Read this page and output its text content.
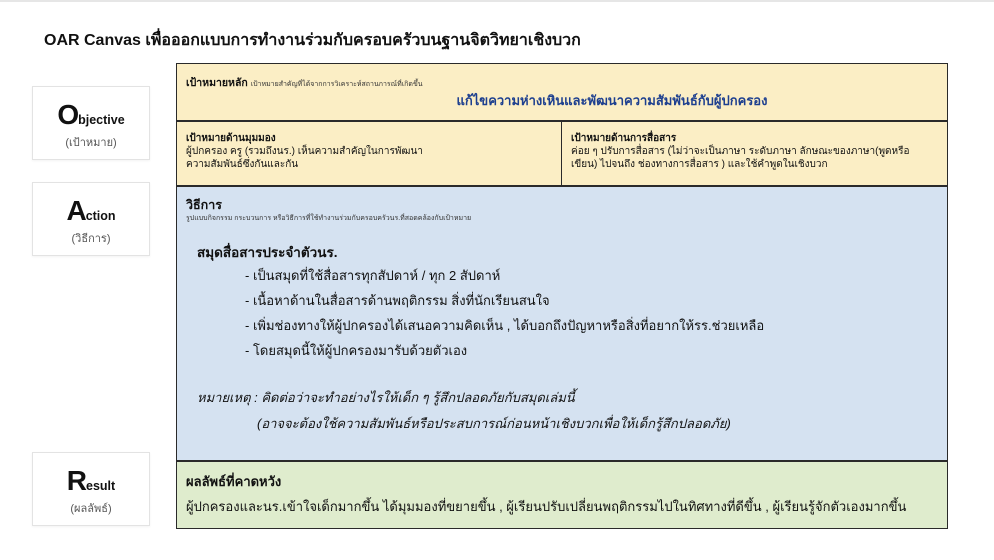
OAR Canvas เพื่อออกแบบการทำงานร่วมกับครอบครัวบนฐานจิตวิทยาเชิงบวก
Objective
(เป้าหมาย)
Action
(วิธีการ)
Result
(ผลลัพธ์)
เป้าหมายหลัก เป้าหมายสำคัญที่ได้จากการวิเคราะห์สถานการณ์ที่เกิดขึ้น
แก้ไขความห่างเหินและพัฒนาความสัมพันธ์กับผู้ปกครอง
เป้าหมายด้านมุมมอง
ผู้ปกครอง ครู (รวมถึงนร.) เห็นความสำคัญในการพัฒนา
ความสัมพันธ์ซึ่งกันและกัน
เป้าหมายด้านการสื่อสาร
ค่อย ๆ ปรับการสื่อสาร (ไม่ว่าจะเป็นภาษา ระดับภาษา ลักษณะของภาษา(พูดหรือ
เขียน) ไปจนถึง ช่องทางการสื่อสาร ) และใช้คำพูดในเชิงบวก
วิธีการ
รูปแบบกิจกรรม กระบวนการ หรือวิธีการที่ใช้ทำงานร่วมกับครอบครัวนร.ที่สอดคล้องกับเป้าหมาย
สมุดสื่อสารประจำตัวนร.
- เป็นสมุดที่ใช้สื่อสารทุกสัปดาห์ / ทุก 2 สัปดาห์
- เนื้อหาด้านในสื่อสารด้านพฤติกรรม สิ่งที่นักเรียนสนใจ
- เพิ่มช่องทางให้ผู้ปกครองได้เสนอความคิดเห็น , ได้บอกถึงปัญหาหรือสิ่งที่อยากให้รร.ช่วยเหลือ
- โดยสมุดนี้ให้ผู้ปกครองมารับด้วยตัวเอง
หมายเหตุ : คิดต่อว่าจะทำอย่างไรให้เด็ก ๆ รู้สึกปลอดภัยกับสมุดเล่มนี้
(อาจจะต้องใช้ความสัมพันธ์หรือประสบการณ์ก่อนหน้าเชิงบวกเพื่อให้เด็กรู้สึกปลอดภัย)
ผลลัพธ์ที่คาดหวัง
ผู้ปกครองและนร.เข้าใจเด็กมากขึ้น ได้มุมมองที่ขยายขึ้น , ผู้เรียนปรับเปลี่ยนพฤติกรรมไปในทิศทางที่ดีขึ้น , ผู้เรียนรู้จักตัวเองมากขึ้น
